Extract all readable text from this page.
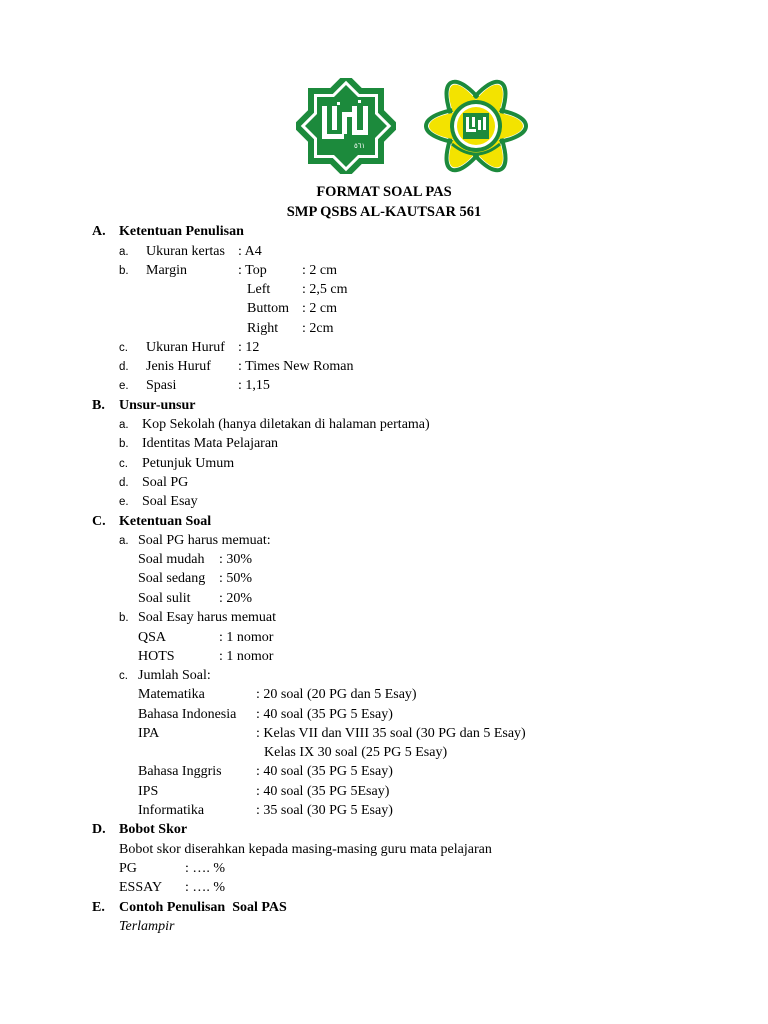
٥٦١
FORMAT SOAL PAS
SMP QSBS AL-KAUTSAR 561
A. Ketentuan Penulisan
a. Ukuran kertas : A4
b. Margin	: Top	: 2 cm
Left : 2,5 cm
Buttom : 2 cm
Right : 2cm
c. Ukuran Huruf : 12
d. Jenis Huruf : Times New Roman
e. Spasi	: 1,15
B. Unsur-unsur
a. Kop Sekolah (hanya diletakan di halaman pertama)
b. Identitas Mata Pelajaran
c. Petunjuk Umum
d. Soal PG
e. Soal Esay
C. Ketentuan Soal
a. Soal PG harus memuat:
Soal mudah : 30%
Soal sedang : 50%
Soal sulit : 20%
b. Soal Esay harus memuat
QSA	: 1 nomor
HOTS	: 1 nomor
c. Jumlah Soal:
Matematika	: 20 soal (20 PG dan 5 Esay)
Bahasa Indonesia : 40 soal (35 PG 5 Esay)
IPA	: Kelas VII dan VIII 35 soal (30 PG dan 5 Esay)
Kelas IX 30 soal (25 PG 5 Esay)
Bahasa Inggris : 40 soal (35 PG 5 Esay)
IPS	: 40 soal (35 PG 5Esay)
Informatika	: 35 soal (30 PG 5 Esay)
D. Bobot Skor
Bobot skor diserahkan kepada masing-masing guru mata pelajaran
PG	: …. %
ESSAY : …. %
E. Contoh Penulisan  Soal PAS
Terlampir
